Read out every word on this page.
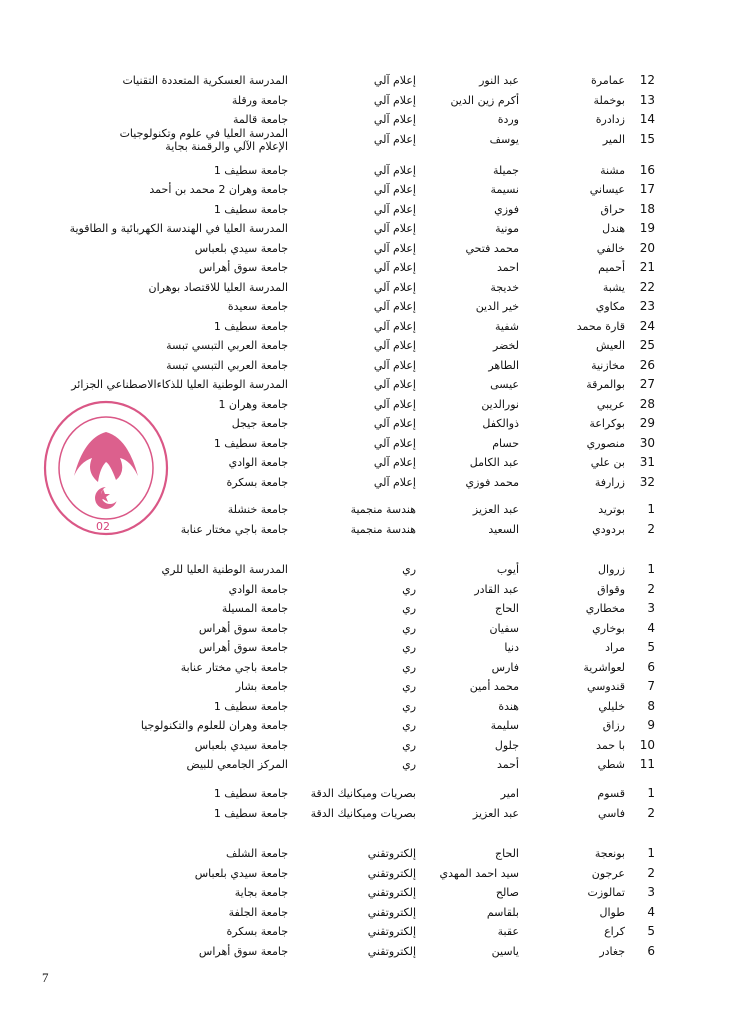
12
عمامرة
عبد النور
إعلام آلي
المدرسة العسكرية المتعددة التقنيات
13
بوخملة
أكرم زين الدين
إعلام آلي
جامعة ورقلة
14
زدادرة
وردة
إعلام آلي
جامعة قالمة
15
المير
يوسف
إعلام آلي
المدرسة العليا في علوم وتكنولوجيات الإعلام الآلي والرقمنة بجاية
16
مشنة
جميلة
إعلام آلي
جامعة سطيف 1
17
عيساني
نسيمة
إعلام آلي
جامعة وهران 2 محمد بن أحمد
18
حراق
فوزي
إعلام آلي
جامعة سطيف 1
19
هندل
مونية
إعلام آلي
المدرسة العليا في الهندسة الكهربائية و الطاقوية
20
خالفي
محمد فتحي
إعلام آلي
جامعة سيدي بلعباس
21
أحميم
احمد
إعلام آلي
جامعة سوق أهراس
22
يشبة
خديجة
إعلام آلي
المدرسة العليا للاقتصاد بوهران
23
مكاوي
خير الدين
إعلام آلي
جامعة سعيدة
24
قارة محمد
شفية
إعلام آلي
جامعة سطيف 1
25
العيش
لخضر
إعلام آلي
جامعة العربي التبسي تبسة
26
مخازنية
الطاهر
إعلام آلي
جامعة العربي التبسي تبسة
27
بوالمرقة
عيسى
إعلام آلي
المدرسة الوطنية العليا للذكاءالاصطناعي الجزائر
28
عريبي
نورالدين
إعلام آلي
جامعة وهران 1
29
بوكراعة
ذوالكفل
إعلام آلي
جامعة جيجل
30
منصوري
حسام
إعلام آلي
جامعة سطيف 1
31
بن علي
عبد الكامل
إعلام آلي
جامعة الوادي
32
زرارفة
محمد فوزي
إعلام آلي
جامعة بسكرة
1
بوتريد
عبد العزيز
هندسة منجمية
جامعة خنشلة
2
بردودي
السعيد
هندسة منجمية
جامعة باجي مختار عنابة
1
زروال
أيوب
ري
المدرسة الوطنية العليا للري
2
وقواق
عبد القادر
ري
جامعة الوادي
3
مخطاري
الحاج
ري
جامعة المسيلة
4
بوخاري
سفيان
ري
جامعة سوق أهراس
5
مراد
دنيا
ري
جامعة سوق أهراس
6
لعواشرية
فارس
ري
جامعة باجي مختار عنابة
7
قندوسي
محمد أمين
ري
جامعة بشار
8
خليلي
هندة
ري
جامعة سطيف 1
9
رزاق
سليمة
ري
جامعة وهران للعلوم والتكنولوجيا
10
با حمد
جلول
ري
جامعة سيدي بلعباس
11
شطي
أحمد
ري
المركز الجامعي للبيض
1
قسوم
امير
بصريات وميكانيك الدقة
جامعة سطيف 1
2
فاسي
عبد العزيز
بصريات وميكانيك الدقة
جامعة سطيف 1
1
بونعجة
الحاج
إلكتروتقني
جامعة الشلف
2
عرجون
سيد احمد المهدي
إلكتروتقني
جامعة سيدي بلعباس
3
تمالوزت
صالح
إلكتروتقني
جامعة بجاية
4
طوال
بلقاسم
إلكتروتقني
جامعة الجلفة
5
كراع
عقبة
إلكتروتقني
جامعة بسكرة
6
جغادر
ياسين
إلكتروتقني
جامعة سوق أهراس
02
7
